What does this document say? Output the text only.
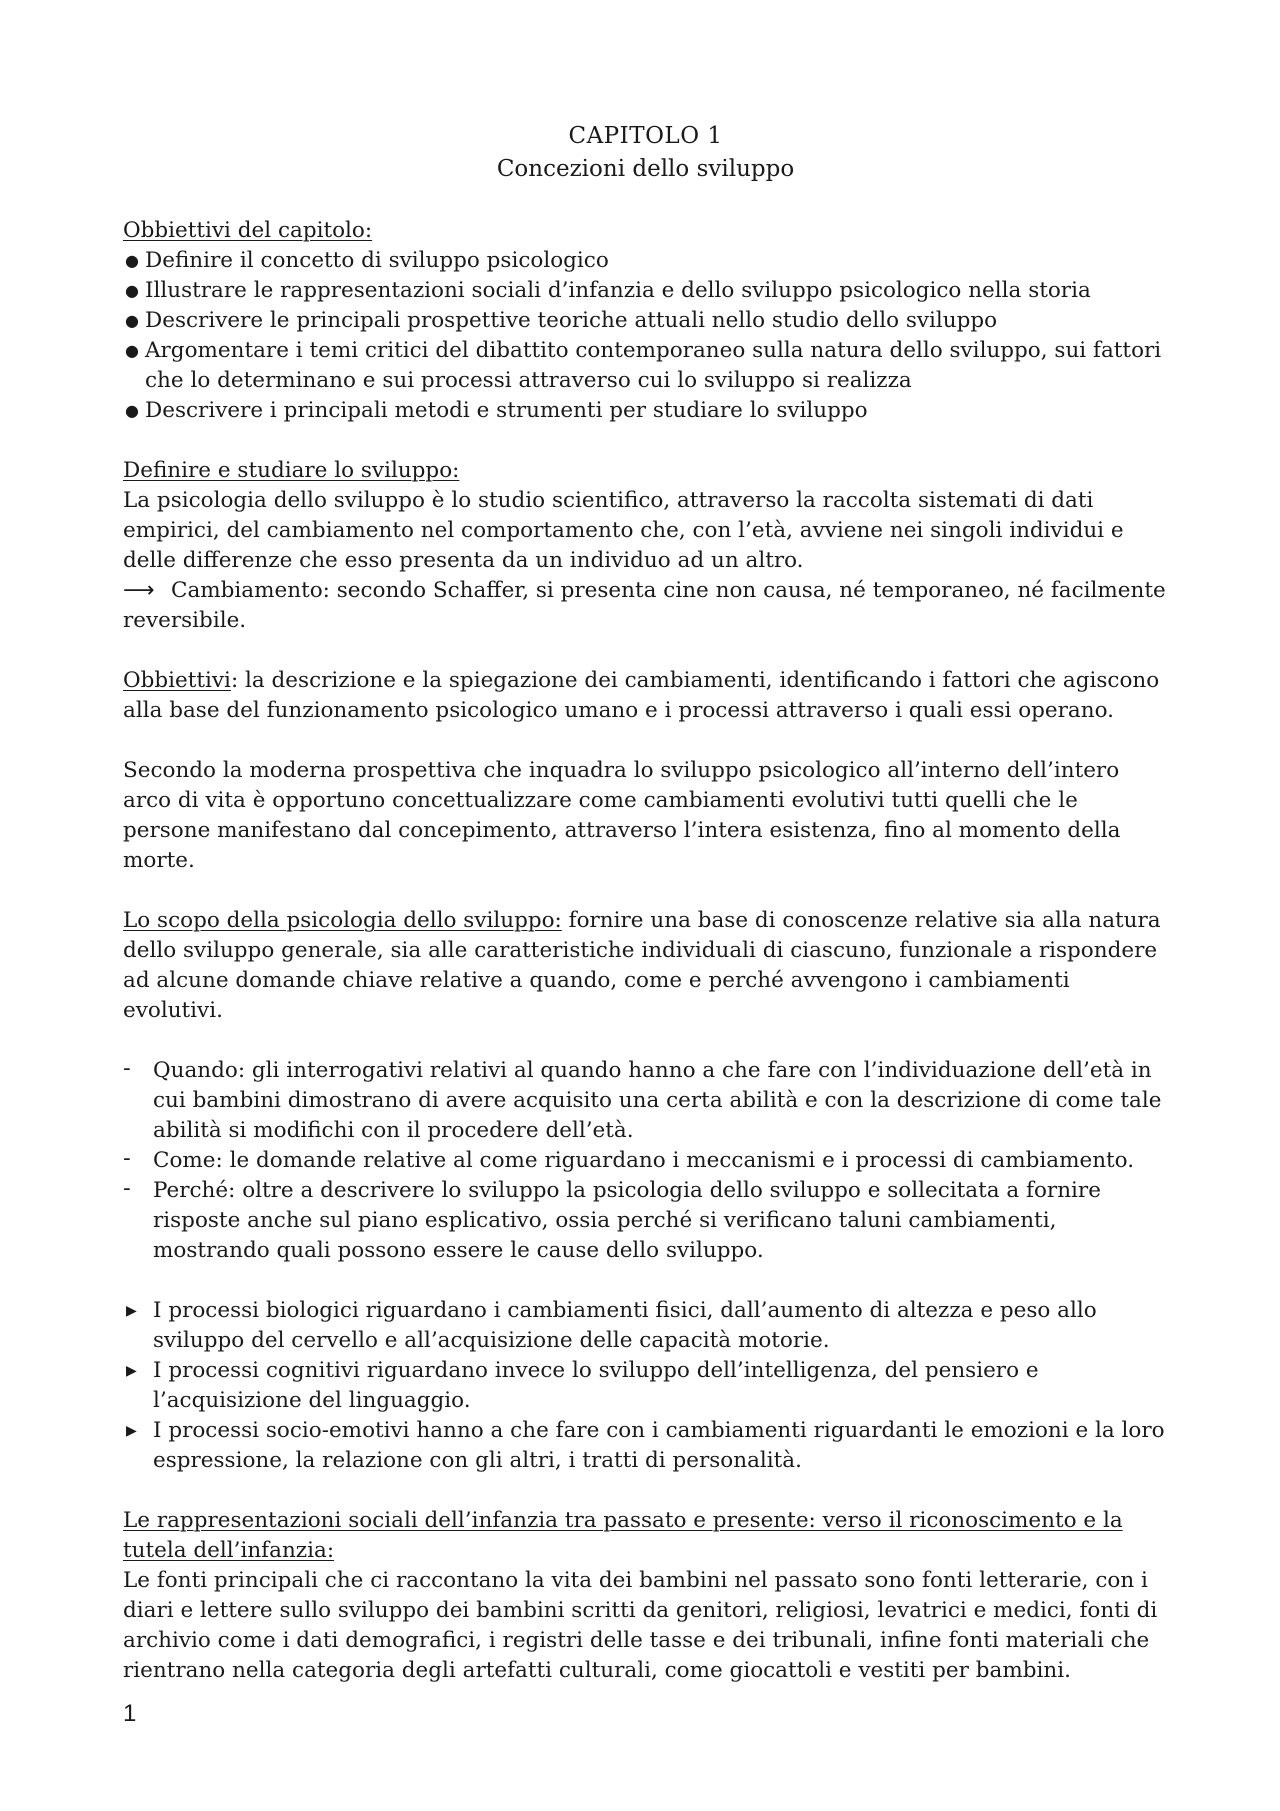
CAPITOLO 1
Concezioni dello sviluppo
Obbiettivi del capitolo:
● Definire il concetto di sviluppo psicologico
● Illustrare le rappresentazioni sociali d’infanzia e dello sviluppo psicologico nella storia
● Descrivere le principali prospettive teoriche attuali nello studio dello sviluppo
● Argomentare i temi critici del dibattito contemporaneo sulla natura dello sviluppo, sui fattori che lo determinano e sui processi attraverso cui lo sviluppo si realizza
● Descrivere i principali metodi e strumenti per studiare lo sviluppo
Definire e studiare lo sviluppo:

La psicologia dello sviluppo è lo studio scientifico, attraverso la raccolta sistemati di dati empirici, del cambiamento nel comportamento che, con l’età, avviene nei singoli individui e delle differenze che esso presenta da un individuo ad un altro.

⟶ Cambiamento: secondo Schaffer, si presenta cine non causa, né temporaneo, né facilmente reversibile.

Obbiettivi: la descrizione e la spiegazione dei cambiamenti, identificando i fattori che agiscono alla base del funzionamento psicologico umano e i processi attraverso i quali essi operano.

Secondo la moderna prospettiva che inquadra lo sviluppo psicologico all’interno dell’intero arco di vita è opportuno concettualizzare come cambiamenti evolutivi tutti quelli che le persone manifestano dal concepimento, attraverso l’intera esistenza, fino al momento della morte.

Lo scopo della psicologia dello sviluppo: fornire una base di conoscenze relative sia alla natura dello sviluppo generale, sia alle caratteristiche individuali di ciascuno, funzionale a rispondere ad alcune domande chiave relative a quando, come e perché avvengono i cambiamenti evolutivi.

- Quando: gli interrogativi relativi al quando hanno a che fare con l’individuazione dell’età in cui bambini dimostrano di avere acquisito una certa abilità e con la descrizione di come tale abilità si modifichi con il procedere dell’età.
- Come: le domande relative al come riguardano i meccanismi e i processi di cambiamento.
- Perché: oltre a descrivere lo sviluppo la psicologia dello sviluppo e sollecitata a fornire risposte anche sul piano esplicativo, ossia perché si verificano taluni cambiamenti, mostrando quali possono essere le cause dello sviluppo.
▶ I processi biologici riguardano i cambiamenti fisici, dall’aumento di altezza e peso allo sviluppo del cervello e all’acquisizione delle capacità motorie.
▶ I processi cognitivi riguardano invece lo sviluppo dell’intelligenza, del pensiero e l’acquisizione del linguaggio.
▶ I processi socio-emotivi hanno a che fare con i cambiamenti riguardanti le emozioni e la loro espressione, la relazione con gli altri, i tratti di personalità.
Le rappresentazioni sociali dell’infanzia tra passato e presente: verso il riconoscimento e la tutela dell’infanzia:

Le fonti principali che ci raccontano la vita dei bambini nel passato sono fonti letterarie, con i diari e lettere sullo sviluppo dei bambini scritti da genitori, religiosi, levatrici e medici, fonti di archivio come i dati demografici, i registri delle tasse e dei tribunali, infine fonti materiali che rientrano nella categoria degli artefatti culturali, come giocattoli e vestiti per bambini.

1
